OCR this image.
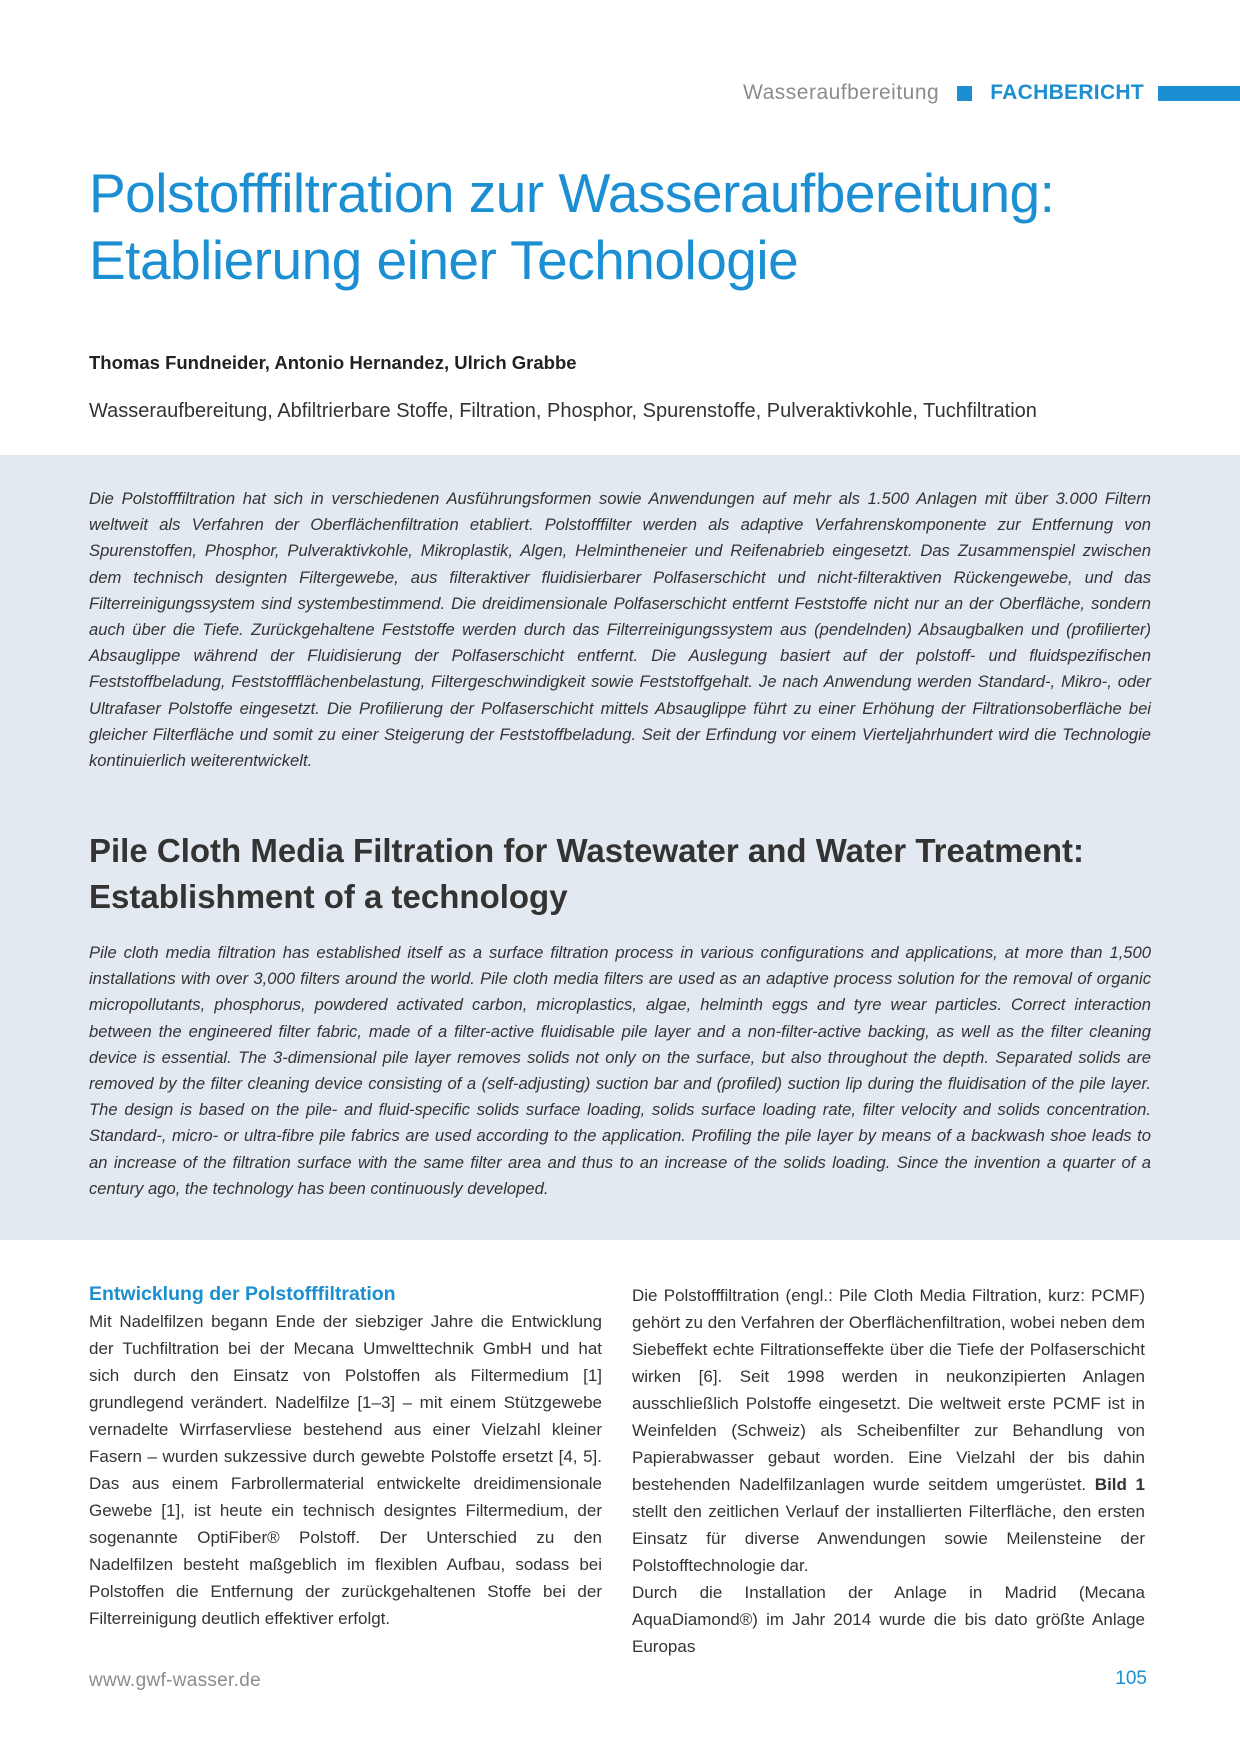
Wasseraufbereitung FACHBERICHT
Polstofffiltration zur Wasseraufbereitung:
Etablierung einer Technologie
Thomas Fundneider, Antonio Hernandez, Ulrich Grabbe
Wasseraufbereitung, Abfiltrierbare Stoffe, Filtration, Phosphor, Spurenstoffe, Pulveraktivkohle, Tuchfiltration

Die Polstofffiltration hat sich in verschiedenen Ausführungsformen sowie Anwendungen auf mehr als 1.500 Anlagen mit über 3.000 Filtern weltweit als Verfahren der Oberflächenfiltration etabliert. Polstofffilter werden als adaptive Verfahrenskomponente zur Entfernung von Spurenstoffen, Phosphor, Pulveraktivkohle, Mikroplastik, Algen, Helmintheneier und Reifenabrieb eingesetzt. Das Zusammenspiel zwischen dem technisch designten Filtergewebe, aus filteraktiver fluidisierbarer Polfaserschicht und nicht-filteraktiven Rückengewebe, und das Filterreinigungssystem sind systembestimmend. Die dreidimensionale Polfaserschicht entfernt Feststoffe nicht nur an der Oberfläche, sondern auch über die Tiefe. Zurückgehaltene Feststoffe werden durch das Filterreinigungssystem aus (pendelnden) Absaugbalken und (profilierter) Absauglippe während der Fluidisierung der Polfaserschicht entfernt. Die Auslegung basiert auf der polstoff- und fluidspezifischen Feststoffbeladung, Feststoffflächenbelastung, Filtergeschwindigkeit sowie Feststoffgehalt. Je nach Anwendung werden Standard-, Mikro-, oder Ultrafaser Polstoffe eingesetzt. Die Profilierung der Polfaserschicht mittels Absauglippe führt zu einer Erhöhung der Filtrationsoberfläche bei gleicher Filterfläche und somit zu einer Steigerung der Feststoffbeladung. Seit der Erfindung vor einem Vierteljahrhundert wird die Technologie kontinuierlich weiterentwickelt.

Pile Cloth Media Filtration for Wastewater and Water Treatment:
Establishment of a technology

Pile cloth media filtration has established itself as a surface filtration process in various configurations and applications, at more than 1,500 installations with over 3,000 filters around the world. Pile cloth media filters are used as an adaptive process solution for the removal of organic micropollutants, phosphorus, powdered activated carbon, microplastics, algae, helminth eggs and tyre wear particles. Correct interaction between the engineered filter fabric, made of a filter-active fluidisable pile layer and a non-filter-active backing, as well as the filter cleaning device is essential. The 3-dimensional pile layer removes solids not only on the surface, but also throughout the depth. Separated solids are removed by the filter cleaning device consisting of a (self-adjusting) suction bar and (profiled) suction lip during the fluidisation of the pile layer. The design is based on the pile- and fluid-specific solids surface loading, solids surface loading rate, filter velocity and solids concentration. Standard-, micro- or ultra-fibre pile fabrics are used according to the application. Profiling the pile layer by means of a backwash shoe leads to an increase of the filtration surface with the same filter area and thus to an increase of the solids loading. Since the invention a quarter of a century ago, the technology has been continuously developed.

Entwicklung der Polstofffiltration

Mit Nadelfilzen begann Ende der siebziger Jahre die Entwicklung der Tuchfiltration bei der Mecana Umwelttechnik GmbH und hat sich durch den Einsatz von Polstoffen als Filtermedium [1] grundlegend verändert. Nadelfilze [1–3] – mit einem Stützgewebe vernadelte Wirrfaservliese bestehend aus einer Vielzahl kleiner Fasern – wurden sukzessive durch gewebte Polstoffe ersetzt [4, 5]. Das aus einem Farbrollermaterial entwickelte dreidimensionale Gewebe [1], ist heute ein technisch designtes Filtermedium, der sogenannte OptiFiber® Polstoff. Der Unterschied zu den Nadelfilzen besteht maßgeblich im flexiblen Aufbau, sodass bei Polstoffen die Entfernung der zurückgehaltenen Stoffe bei der Filterreinigung deutlich effektiver erfolgt.

Die Polstofffiltration (engl.: Pile Cloth Media Filtration, kurz: PCMF) gehört zu den Verfahren der Oberflächenfiltration, wobei neben dem Siebeffekt echte Filtrationseffekte über die Tiefe der Polfaserschicht wirken [6]. Seit 1998 werden in neukonzipierten Anlagen ausschließlich Polstoffe eingesetzt. Die weltweit erste PCMF ist in Weinfelden (Schweiz) als Scheibenfilter zur Behandlung von Papierabwasser gebaut worden. Eine Vielzahl der bis dahin bestehenden Nadelfilzanlagen wurde seitdem umgerüstet. Bild 1 stellt den zeitlichen Verlauf der installierten Filterfläche, den ersten Einsatz für diverse Anwendungen sowie Meilensteine der Polstofftechnologie dar.

Durch die Installation der Anlage in Madrid (Mecana AquaDiamond®) im Jahr 2014 wurde die bis dato größte Anlage Europas

www.gwf-wasser.de	105
